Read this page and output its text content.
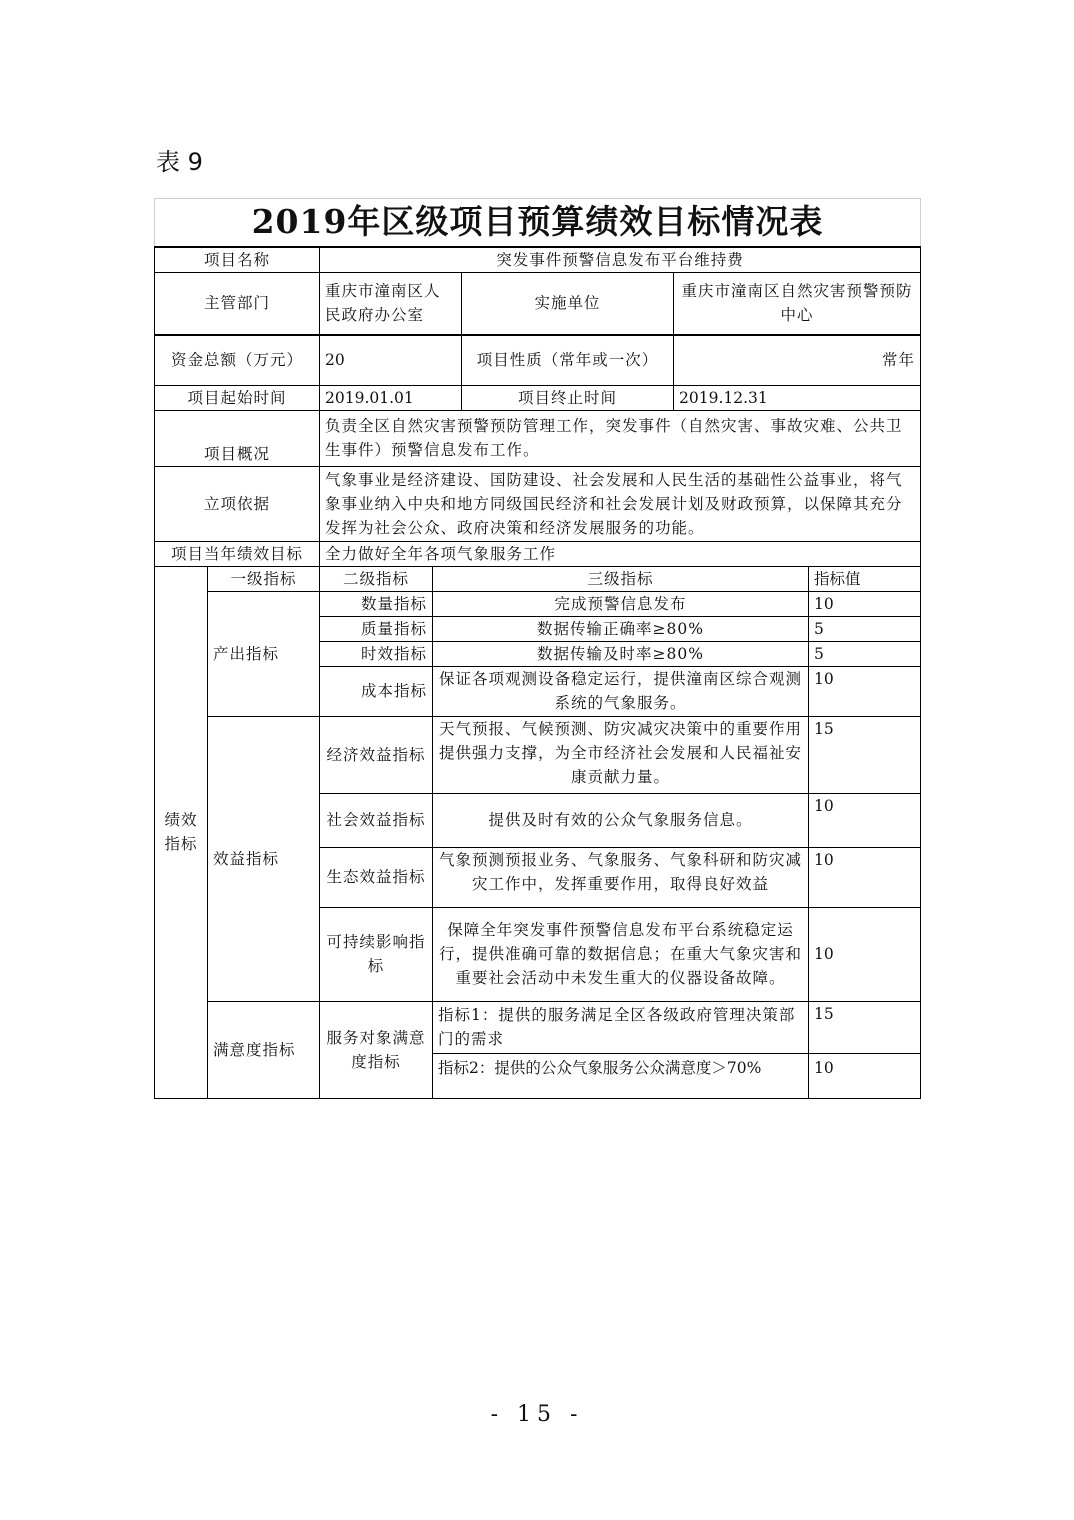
表 9
2019年区级项目预算绩效目标情况表						
项目名称		突发事件预警信息发布平台维持费				
主管部门		重庆市潼南区人民政府办公室		实施单位	重庆市潼南区自然灾害预警预防中心	
资金总额（万元）		20		项目性质（常年或一次）	常年	
项目起始时间		2019.01.01		项目终止时间	2019.12.31	
项目概况		负责全区自然灾害预警预防管理工作，突发事件（自然灾害、事故灾难、公共卫生事件）预警信息发布工作。				
立项依据		气象事业是经济建设、国防建设、社会发展和人民生活的基础性公益事业，将气象事业纳入中央和地方同级国民经济和社会发展计划及财政预算，以保障其充分发挥为社会公众、政府决策和经济发展服务的功能。				
项目当年绩效目标		全力做好全年各项气象服务工作				
绩效指标	一级指标	二级指标	三级指标			指标值
	产出指标	数量指标	完成预警信息发布			10
		质量指标	数据传输正确率≥80%			5
		时效指标	数据传输及时率≥80%			5
		成本指标	保证各项观测设备稳定运行，提供潼南区综合观测系统的气象服务。			10
	效益指标	经济效益指标	天气预报、气候预测、防灾减灾决策中的重要作用提供强力支撑，为全市经济社会发展和人民福祉安康贡献力量。			15
		社会效益指标	提供及时有效的公众气象服务信息。			10
		生态效益指标	气象预测预报业务、气象服务、气象科研和防灾减灾工作中，发挥重要作用，取得良好效益			10
		可持续影响指标	保障全年突发事件预警信息发布平台系统稳定运行，提供准确可靠的数据信息；在重大气象灾害和重要社会活动中未发生重大的仪器设备故障。			10
	满意度指标	服务对象满意度指标	指标1：提供的服务满足全区各级政府管理决策部门的需求			15
			指标2：提供的公众气象服务公众满意度＞70%			10
- 15 -
